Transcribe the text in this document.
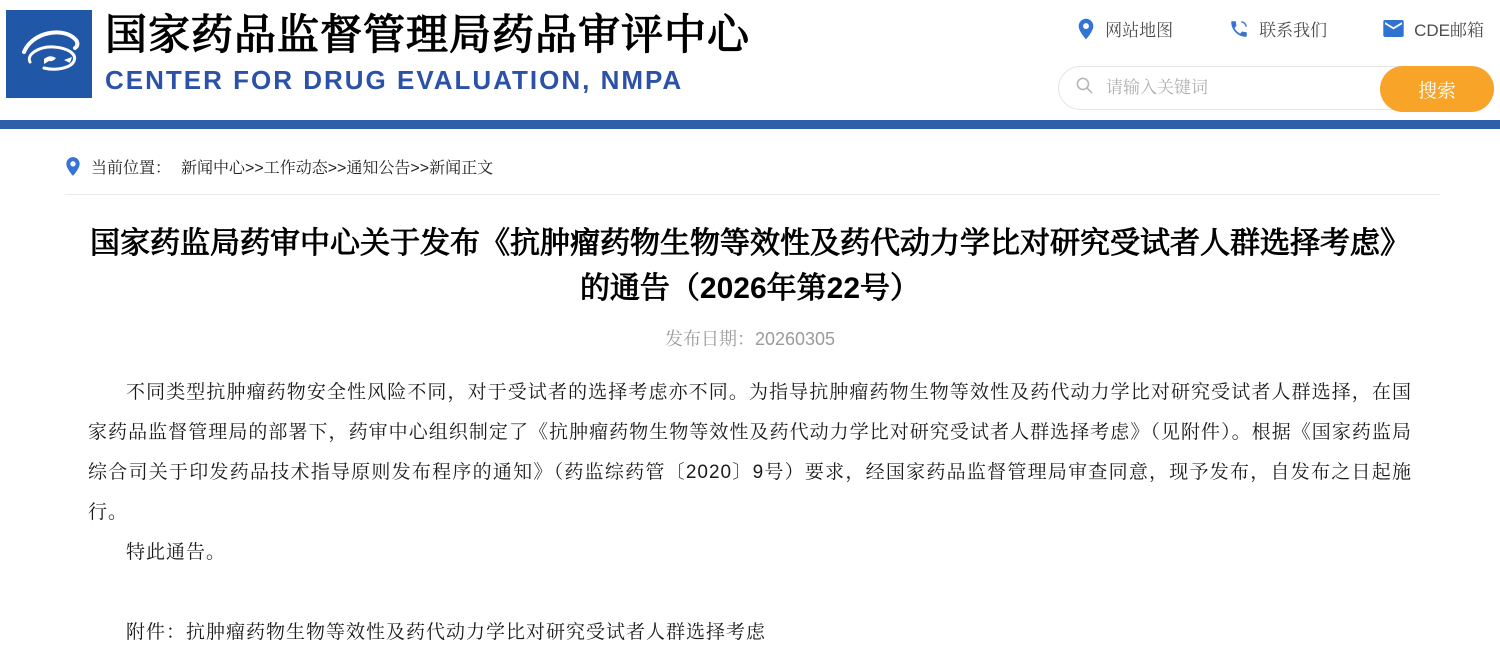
国家药品监督管理局药品审评中心
CENTER FOR DRUG EVALUATION, NMPA
网站地图	联系我们	CDE邮箱
请输入关键词
搜索
当前位置： 新闻中心>>工作动态>>通知公告>>新闻正文
国家药监局药审中心关于发布《抗肿瘤药物生物等效性及药代动力学比对研究受试者人群选择考虑》的通告（2026年第22号）
发布日期：20260305

不同类型抗肿瘤药物安全性风险不同，对于受试者的选择考虑亦不同。为指导抗肿瘤药物生物等效性及药代动力学比对研究受试者人群选择，在国家药品监督管理局的部署下，药审中心组织制定了《抗肿瘤药物生物等效性及药代动力学比对研究受试者人群选择考虑》（见附件）。根据《国家药监局综合司关于印发药品技术指导原则发布程序的通知》（药监综药管〔2020〕9号）要求，经国家药品监督管理局审查同意，现予发布，自发布之日起施行。

特此通告。

附件：抗肿瘤药物生物等效性及药代动力学比对研究受试者人群选择考虑
